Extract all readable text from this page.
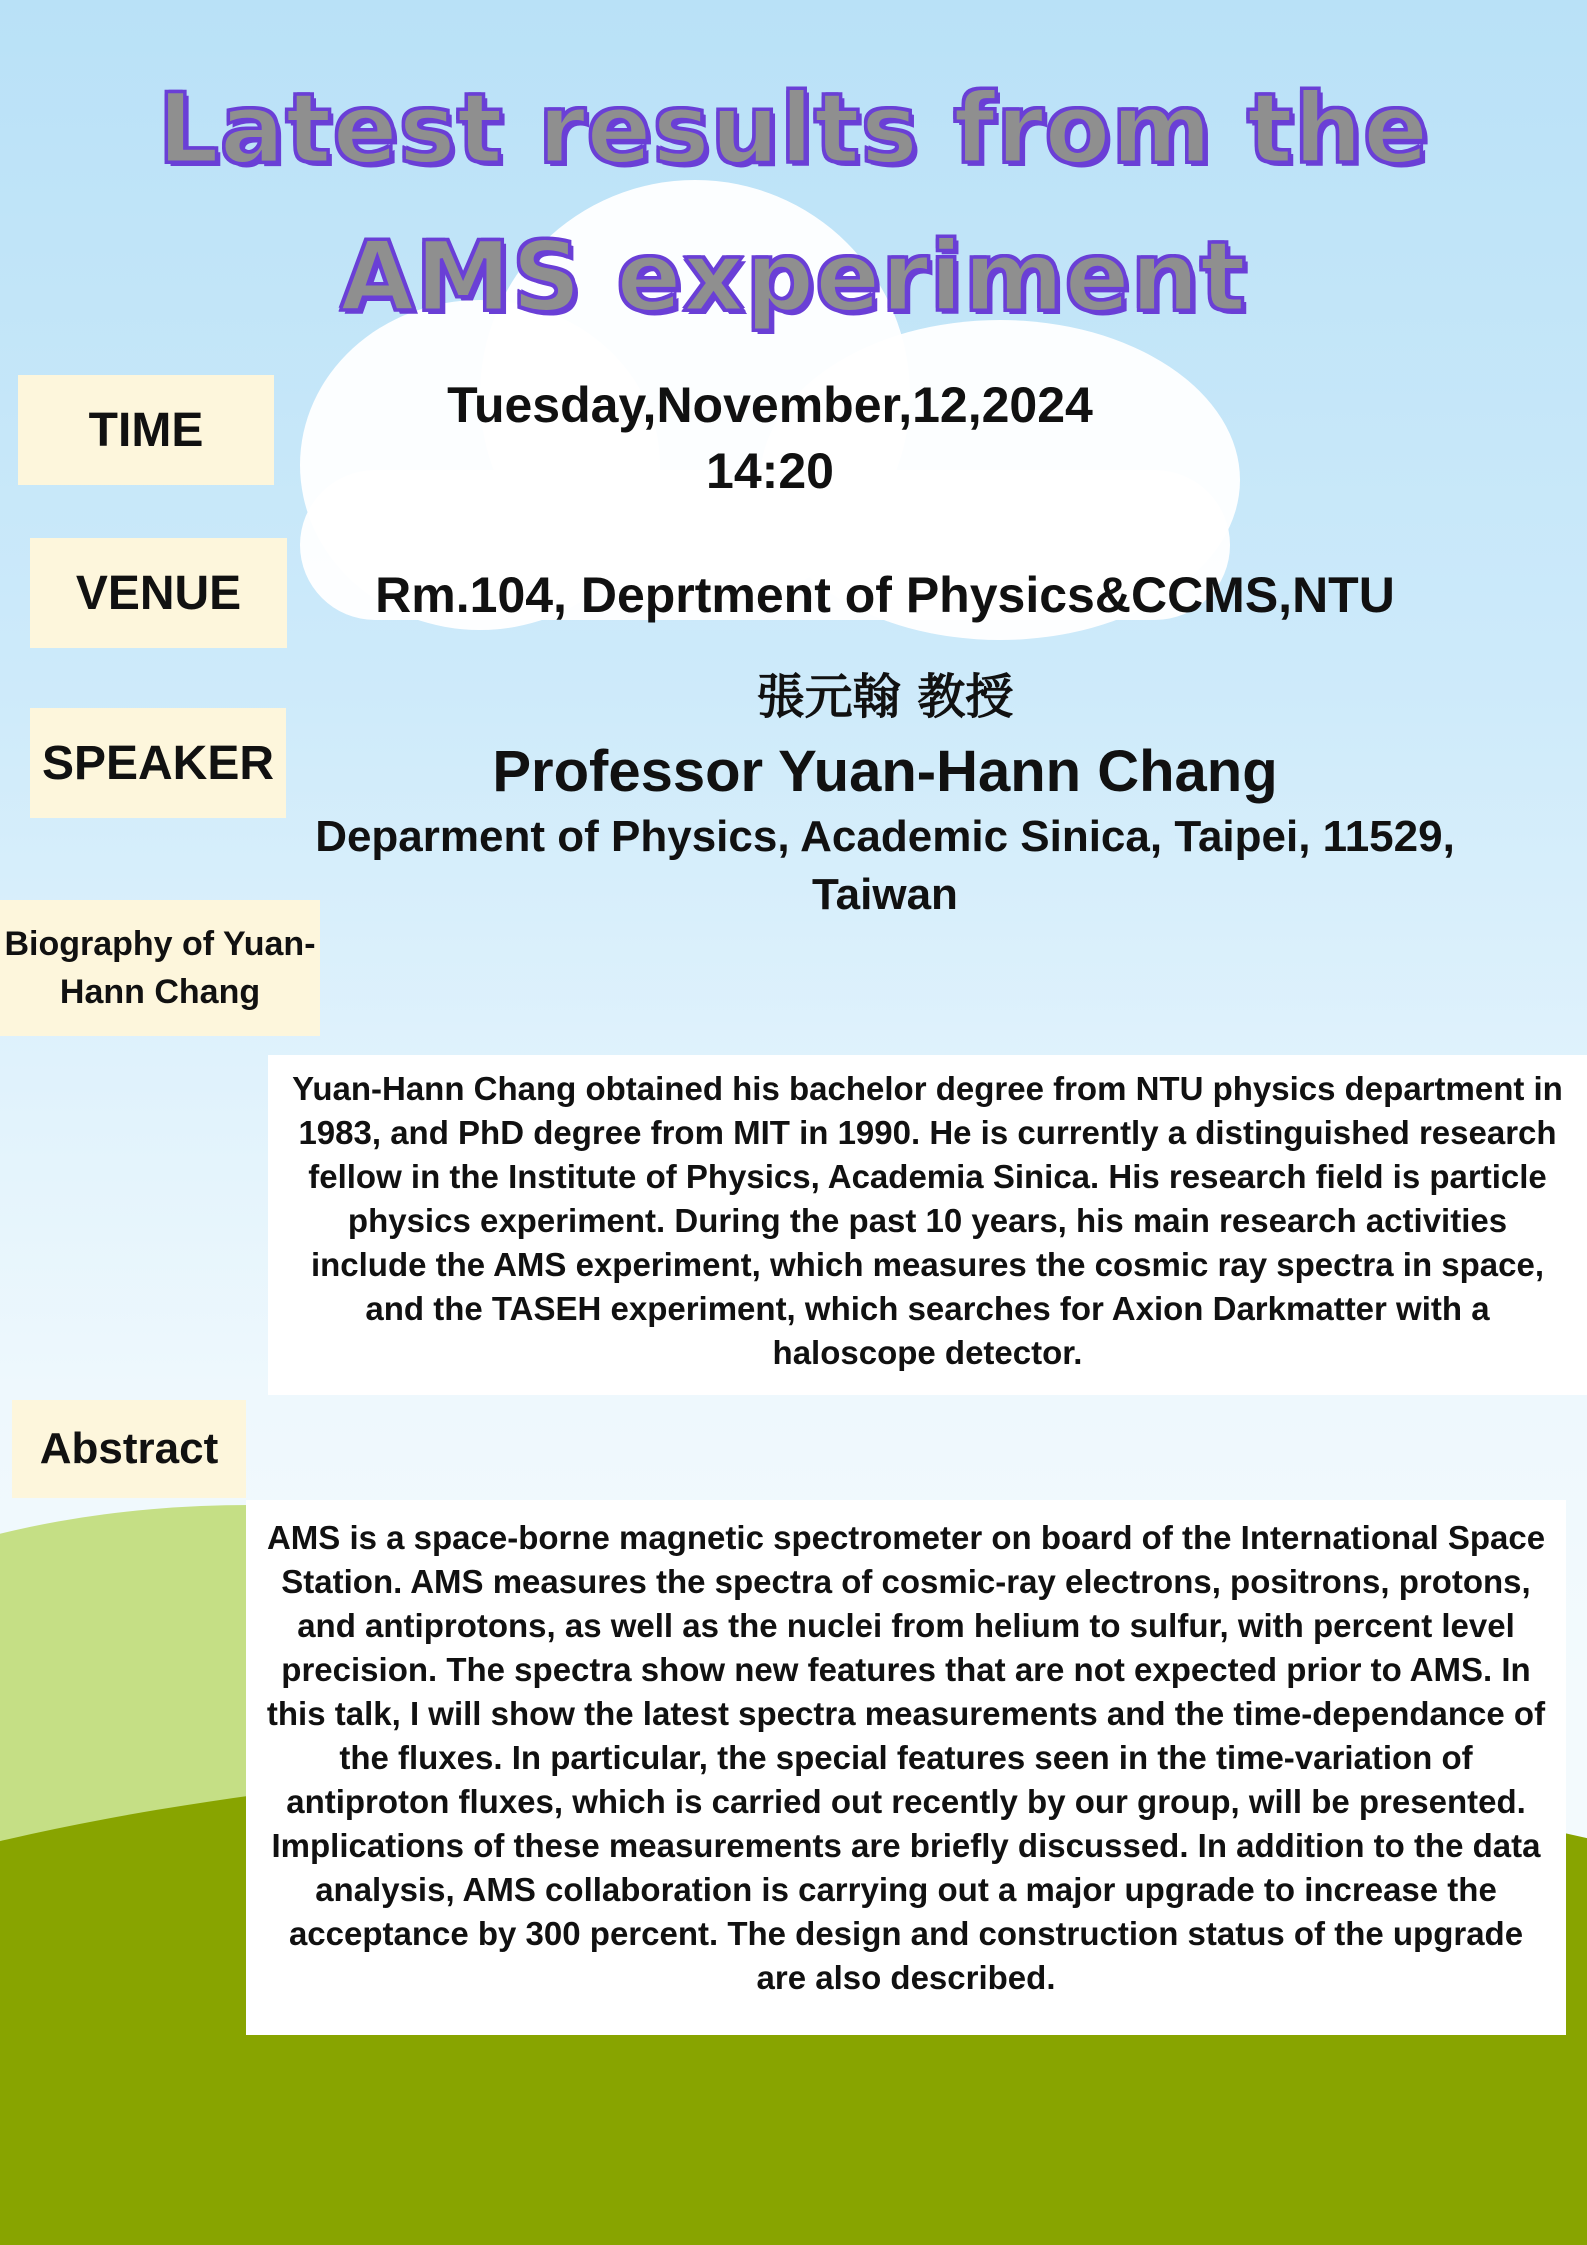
Latest results from the AMS experiment
TIME	Tuesday,November,12,2024
14:20
VENUE	Rm.104, Deprtment of Physics&CCMS,NTU
SPEAKER
張元翰 教授
Professor Yuan-Hann Chang
Deparment of Physics, Academic Sinica, Taipei, 11529, Taiwan
Biography of Yuan-Hann Chang
Yuan-Hann Chang obtained his bachelor degree from NTU physics department in 1983, and PhD degree from MIT in 1990. He is currently a distinguished research fellow in the Institute of Physics, Academia Sinica. His research field is particle physics experiment. During the past 10 years, his main research activities include the AMS experiment, which measures the cosmic ray spectra in space, and the TASEH experiment, which searches for Axion Darkmatter with a haloscope detector.
Abstract
AMS is a space-borne magnetic spectrometer on board of the International Space Station. AMS measures the spectra of cosmic-ray electrons, positrons, protons, and antiprotons, as well as the nuclei from helium to sulfur, with percent level precision. The spectra show new features that are not expected prior to AMS. In this talk, I will show the latest spectra measurements and the time-dependance of the fluxes. In particular, the special features seen in the time-variation of antiproton fluxes, which is carried out recently by our group, will be presented. Implications of these measurements are briefly discussed. In addition to the data analysis, AMS collaboration is carrying out a major upgrade to increase the acceptance by 300 percent. The design and construction status of the upgrade are also described.
